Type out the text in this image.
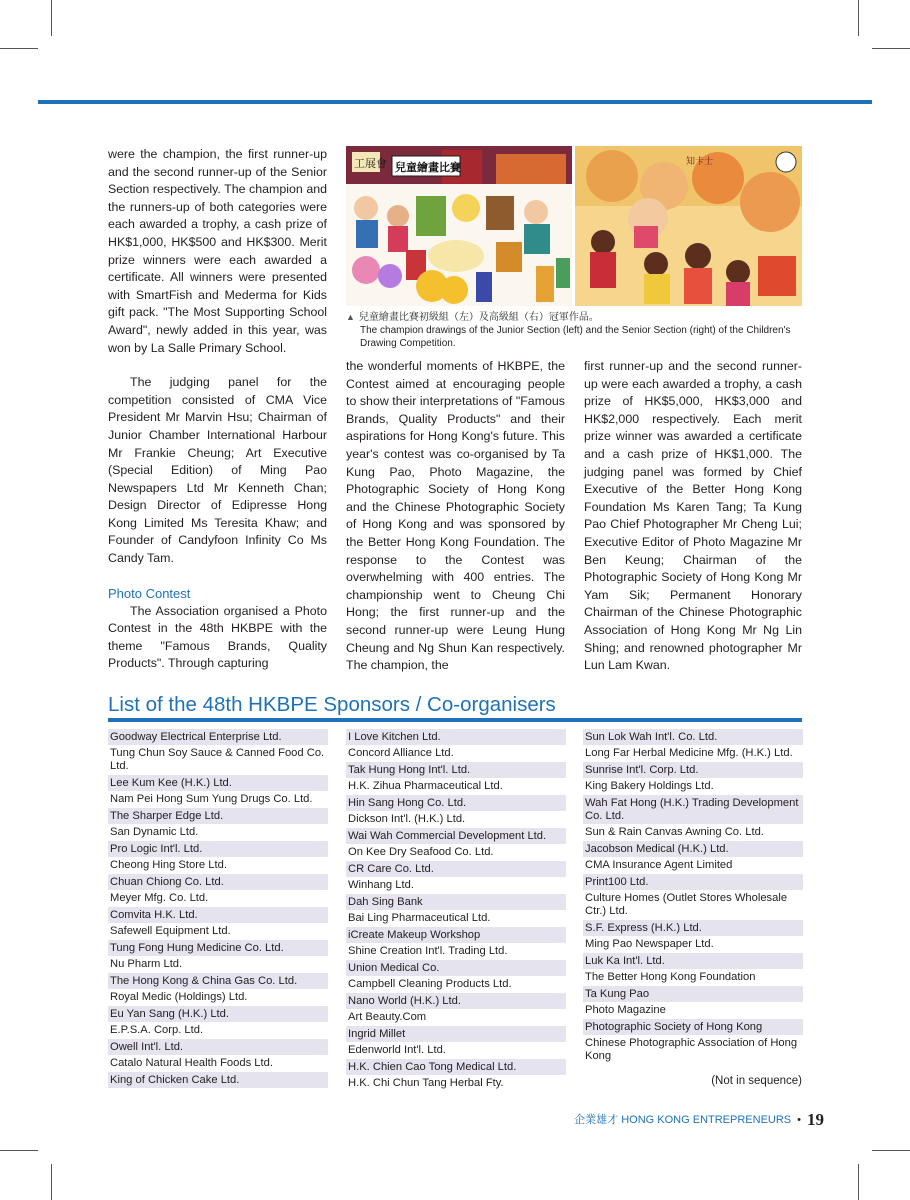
were the champion, the first runner-up and the second runner-up of the Senior Section respectively. The champion and the runners-up of both categories were each awarded a trophy, a cash prize of HK$1,000, HK$500 and HK$300. Merit prize winners were each awarded a certificate. All winners were presented with SmartFish and Mederma for Kids gift pack. "The Most Supporting School Award", newly added in this year, was won by La Salle Primary School.

The judging panel for the competition consisted of CMA Vice President Mr Marvin Hsu; Chairman of Junior Chamber International Harbour Mr Frankie Cheung; Art Executive (Special Edition) of Ming Pao Newspapers Ltd Mr Kenneth Chan; Design Director of Edipresse Hong Kong Limited Ms Teresita Khaw; and Founder of Candyfoon Infinity Co Ms Candy Tam.

Photo Contest

The Association organised a Photo Contest in the 48th HKBPE with the theme "Famous Brands, Quality Products". Through capturing

工展會 兒童繪畫比賽	知卡士
▲ 兒童繪畫比賽初級組（左）及高級組（右）冠軍作品。
The champion drawings of the Junior Section (left) and the Senior Section (right) of the Children's Drawing Competition.

the wonderful moments of HKBPE, the Contest aimed at encouraging people to show their interpretations of "Famous Brands, Quality Products" and their aspirations for Hong Kong's future. This year's contest was co-organised by Ta Kung Pao, Photo Magazine, the Photographic Society of Hong Kong and the Chinese Photographic Society of Hong Kong and was sponsored by the Better Hong Kong Foundation. The response to the Contest was overwhelming with 400 entries. The championship went to Cheung Chi Hong; the first runner-up and the second runner-up were Leung Hung Cheung and Ng Shun Kan respectively. The champion, the

first runner-up and the second runner-up were each awarded a trophy, a cash prize of HK$5,000, HK$3,000 and HK$2,000 respectively. Each merit prize winner was awarded a certificate and a cash prize of HK$1,000. The judging panel was formed by Chief Executive of the Better Hong Kong Foundation Ms Karen Tang; Ta Kung Pao Chief Photographer Mr Cheng Lui; Executive Editor of Photo Magazine Mr Ben Keung; Chairman of the Photographic Society of Hong Kong Mr Yam Sik; Permanent Honorary Chairman of the Chinese Photographic Association of Hong Kong Mr Ng Lin Shing; and renowned photographer Mr Lun Lam Kwan.

List of the 48th HKBPE Sponsors / Co-organisers
Goodway Electrical Enterprise Ltd.
Tung Chun Soy Sauce & Canned Food Co. Ltd.
Lee Kum Kee (H.K.) Ltd.
Nam Pei Hong Sum Yung Drugs Co. Ltd.
The Sharper Edge Ltd.
San Dynamic Ltd.
Pro Logic Int'l. Ltd.
Cheong Hing Store Ltd.
Chuan Chiong Co. Ltd.
Meyer Mfg. Co. Ltd.
Comvita H.K. Ltd.
Safewell Equipment Ltd.
Tung Fong Hung Medicine Co. Ltd.
Nu Pharm Ltd.
The Hong Kong & China Gas Co. Ltd.
Royal Medic (Holdings) Ltd.
Eu Yan Sang (H.K.) Ltd.
E.P.S.A. Corp. Ltd.
Owell Int'l. Ltd.
Catalo Natural Health Foods Ltd.
King of Chicken Cake Ltd.
I Love Kitchen Ltd.
Concord Alliance Ltd.
Tak Hung Hong Int'l. Ltd.
H.K. Zihua Pharmaceutical Ltd.
Hin Sang Hong Co. Ltd.
Dickson Int'l. (H.K.) Ltd.
Wai Wah Commercial Development Ltd.
On Kee Dry Seafood Co. Ltd.
CR Care Co. Ltd.
Winhang Ltd.
Dah Sing Bank
Bai Ling Pharmaceutical Ltd.
iCreate Makeup Workshop
Shine Creation Int'l. Trading Ltd.
Union Medical Co.
Campbell Cleaning Products Ltd.
Nano World (H.K.) Ltd.
Art Beauty.Com
Ingrid Millet
Edenworld Int'l. Ltd.
H.K. Chien Cao Tong Medical Ltd.
H.K. Chi Chun Tang Herbal Fty.
Sun Lok Wah Int'l. Co. Ltd.
Long Far Herbal Medicine Mfg. (H.K.) Ltd.
Sunrise Int'l. Corp. Ltd.
King Bakery Holdings Ltd.
Wah Fat Hong (H.K.) Trading Development Co. Ltd.
Sun & Rain Canvas Awning Co. Ltd.
Jacobson Medical (H.K.) Ltd.
CMA Insurance Agent Limited
Print100 Ltd.
Culture Homes (Outlet Stores Wholesale Ctr.) Ltd.
S.F. Express (H.K.) Ltd.
Ming Pao Newspaper Ltd.
Luk Ka Int'l. Ltd.
The Better Hong Kong Foundation
Ta Kung Pao
Photo Magazine
Photographic Society of Hong Kong
Chinese Photographic Association of Hong Kong
(Not in sequence)
企業雄才 HONG KONG ENTREPRENEURS • 19
